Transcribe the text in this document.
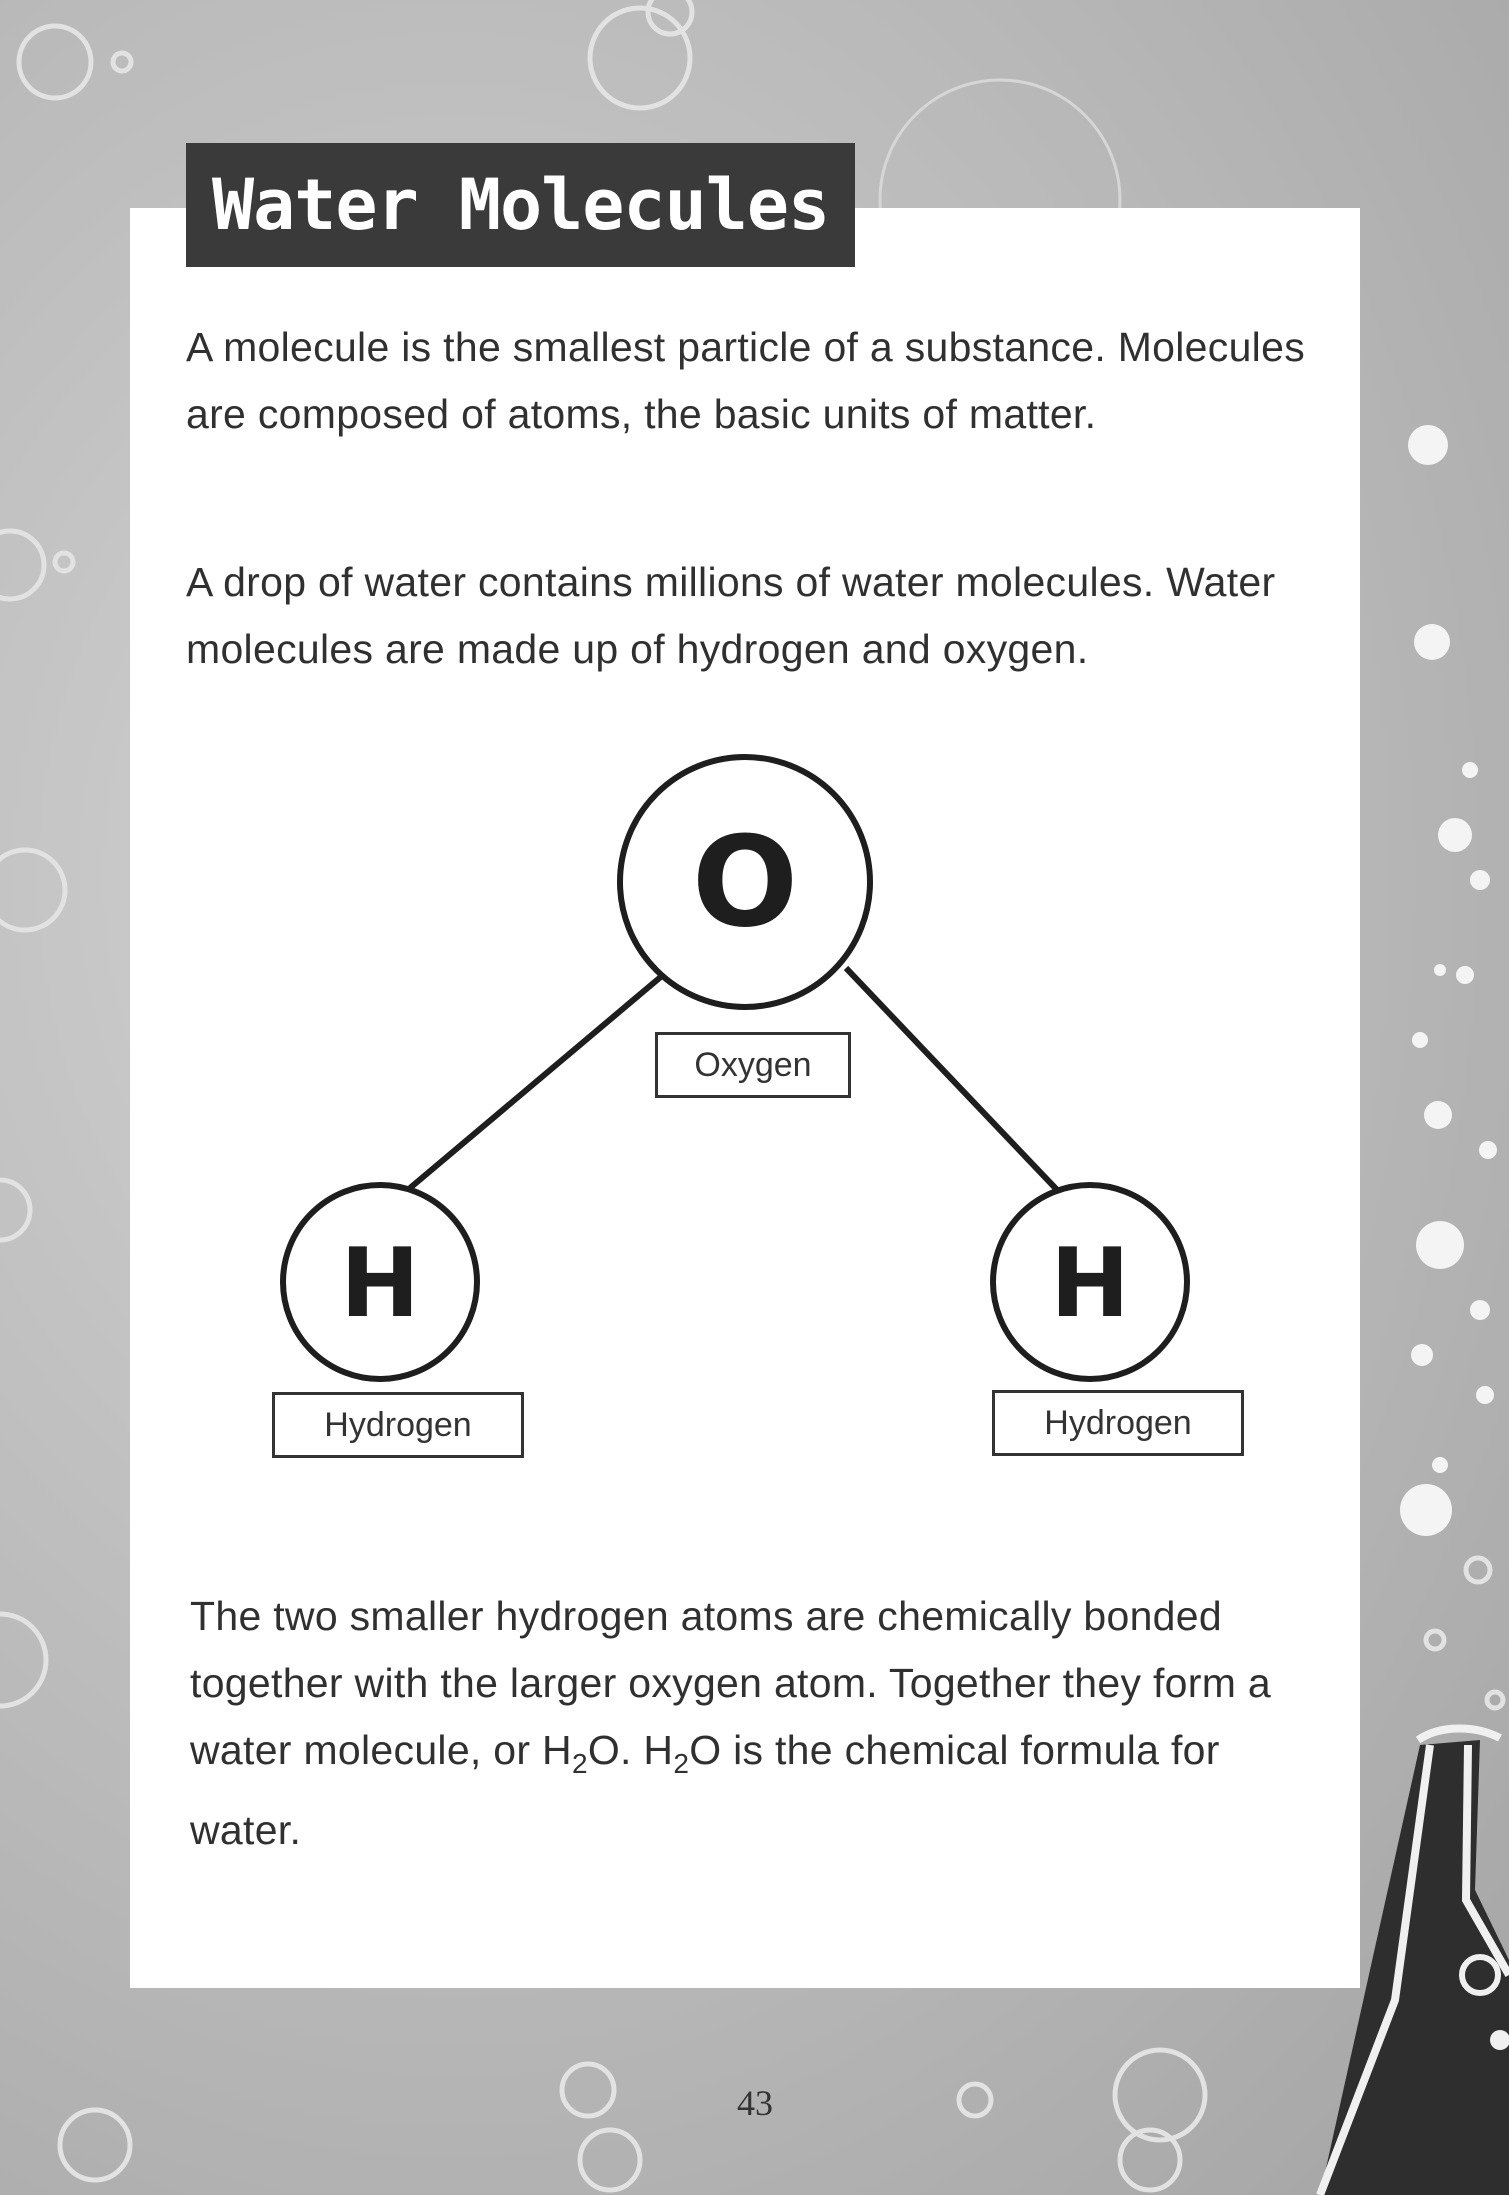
Water Molecules

A molecule is the smallest particle of a substance. Molecules are composed of atoms, the basic units of matter.

A drop of water contains millions of water molecules. Water molecules are made up of hydrogen and oxygen.

O
H	H
Oxygen
Hydrogen	Hydrogen

The two smaller hydrogen atoms are chemically bonded together with the larger oxygen atom. Together they form a water molecule, or $H_2O$. $H_2O$ is the chemical formula for water.

43
